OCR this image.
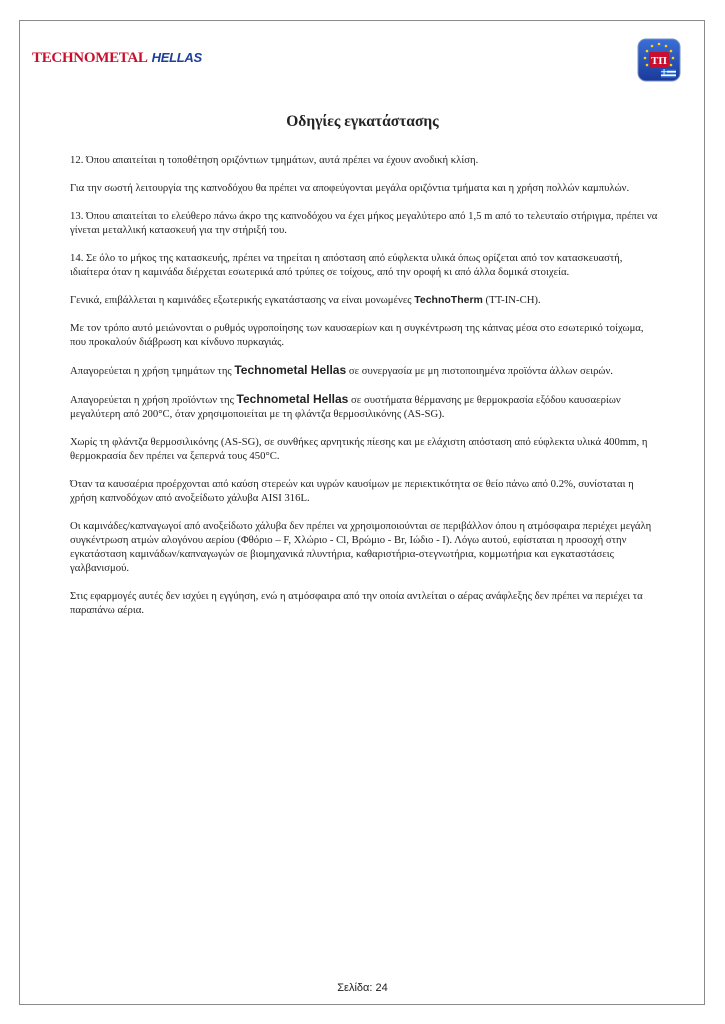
TECHNOMETAL HELLAS	ΤΠ
Οδηγίες εγκατάστασης

12. Όπου απαιτείται η τοποθέτηση οριζόντιων τμημάτων, αυτά πρέπει να έχουν ανοδική κλίση.

Για την σωστή λειτουργία της καπνοδόχου θα πρέπει να αποφεύγονται μεγάλα οριζόντια τμήματα και η χρήση πολλών καμπυλών.

13. Όπου απαιτείται το ελεύθερο πάνω άκρο της καπνοδόχου να έχει μήκος μεγαλύτερο από 1,5 m από το τελευταίο στήριγμα, πρέπει να γίνεται μεταλλική κατασκευή για την στήριξή του.

14. Σε όλο το μήκος της κατασκευής, πρέπει να τηρείται η απόσταση από εύφλεκτα υλικά όπως ορίζεται από τον κατασκευαστή, ιδιαίτερα όταν η καμινάδα διέρχεται εσωτερικά από τρύπες σε τοίχους, από την οροφή κι από άλλα δομικά στοιχεία.

Γενικά, επιβάλλεται η καμινάδες εξωτερικής εγκατάστασης να είναι μονωμένες TechnoTherm (TT-IN-CH).

Με τον τρόπο αυτό μειώνονται ο ρυθμός υγροποίησης των καυσαερίων και η συγκέντρωση της κάπνας μέσα στο εσωτερικό τοίχωμα, που προκαλούν διάβρωση και κίνδυνο πυρκαγιάς.

Απαγορεύεται η χρήση τμημάτων της Technometal Hellas σε συνεργασία με μη πιστοποιημένα προϊόντα άλλων σειρών.

Απαγορεύεται η χρήση προϊόντων της Technometal Hellas σε συστήματα θέρμανσης με θερμοκρασία εξόδου καυσαερίων μεγαλύτερη από 200°C, όταν χρησιμοποιείται με τη φλάντζα θερμοσιλικόνης (AS-SG).

Χωρίς τη φλάντζα θερμοσιλικόνης (AS-SG), σε συνθήκες αρνητικής πίεσης και με ελάχιστη απόσταση από εύφλεκτα υλικά 400mm, η θερμοκρασία δεν πρέπει να ξεπερνά τους 450°C.

Όταν τα καυσαέρια προέρχονται από καύση στερεών και υγρών καυσίμων με περιεκτικότητα σε θείο πάνω από 0.2%, συνίσταται η χρήση καπνοδόχων από ανοξείδωτο χάλυβα AISI 316L.

Οι καμινάδες/καπναγωγοί από ανοξείδωτο χάλυβα δεν πρέπει να χρησιμοποιούνται σε περιβάλλον όπου η ατμόσφαιρα περιέχει μεγάλη συγκέντρωση ατμών αλογόνου αερίου (Φθόριο – F, Χλώριο - Cl, Βρώμιο - Br, Ιώδιο - I). Λόγω αυτού, εφίσταται η προσοχή στην εγκατάσταση καμινάδων/καπναγωγών σε βιομηχανικά πλυντήρια, καθαριστήρια-στεγνωτήρια, κομμωτήρια και εγκαταστάσεις γαλβανισμού.

Στις εφαρμογές αυτές δεν ισχύει η εγγύηση, ενώ η ατμόσφαιρα από την οποία αντλείται ο αέρας ανάφλεξης δεν πρέπει να περιέχει τα παραπάνω αέρια.

Σελίδα: 24
